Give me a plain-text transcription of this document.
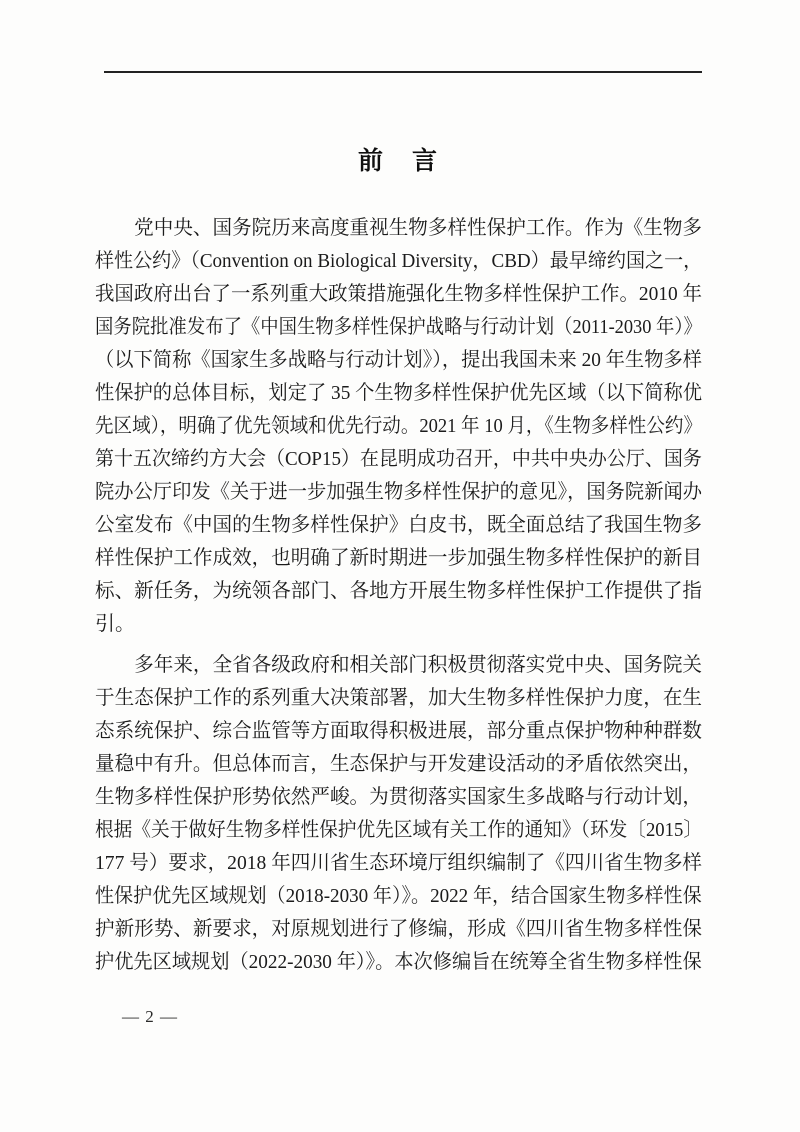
前　言
党中央、国务院历来高度重视生物多样性保护工作。作为《生物多
样性公约》（Convention on Biological Diversity，CBD）最早缔约国之一，
我国政府出台了一系列重大政策措施强化生物多样性保护工作。2010 年
国务院批准发布了《中国生物多样性保护战略与行动计划（2011-2030 年）》
（以下简称《国家生多战略与行动计划》），提出我国未来 20 年生物多样
性保护的总体目标，划定了 35 个生物多样性保护优先区域（以下简称优
先区域），明确了优先领域和优先行动。2021 年 10 月，《生物多样性公约》
第十五次缔约方大会（COP15）在昆明成功召开，中共中央办公厅、国务
院办公厅印发《关于进一步加强生物多样性保护的意见》，国务院新闻办
公室发布《中国的生物多样性保护》白皮书，既全面总结了我国生物多
样性保护工作成效，也明确了新时期进一步加强生物多样性保护的新目
标、新任务，为统领各部门、各地方开展生物多样性保护工作提供了指
引。
多年来，全省各级政府和相关部门积极贯彻落实党中央、国务院关
于生态保护工作的系列重大决策部署，加大生物多样性保护力度，在生
态系统保护、综合监管等方面取得积极进展，部分重点保护物种种群数
量稳中有升。但总体而言，生态保护与开发建设活动的矛盾依然突出，
生物多样性保护形势依然严峻。为贯彻落实国家生多战略与行动计划，
根据《关于做好生物多样性保护优先区域有关工作的通知》（环发〔2015〕
177 号）要求，2018 年四川省生态环境厅组织编制了《四川省生物多样
性保护优先区域规划（2018-2030 年）》。2022 年，结合国家生物多样性保
护新形势、新要求，对原规划进行了修编，形成《四川省生物多样性保
护优先区域规划（2022-2030 年）》。本次修编旨在统筹全省生物多样性保
— 2 —
